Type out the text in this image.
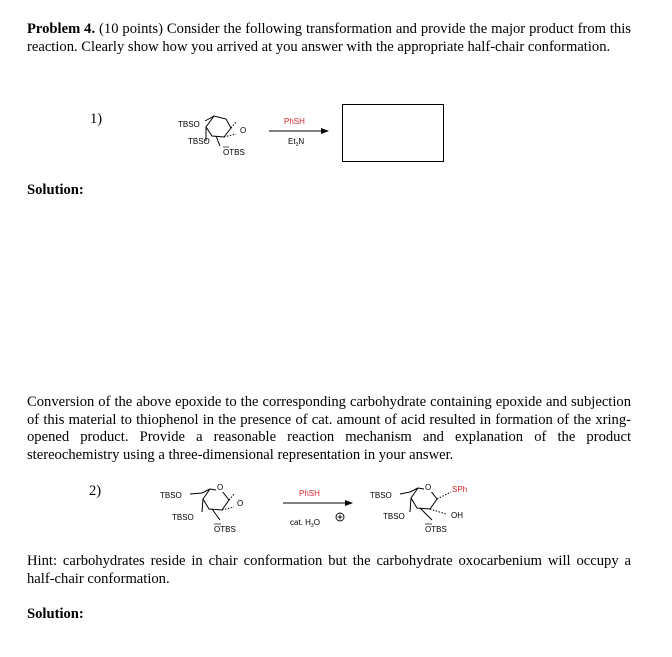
Problem 4. (10 points) Consider the following transformation and provide the major product from this reaction. Clearly show how you arrived at you answer with the appropriate half-chair conformation.

1)
Solution:

Conversion of the above epoxide to the corresponding carbohydrate containing epoxide and subjection of this material to thiophenol in the presence of cat. amount of acid resulted in formation of the xring-opened product. Provide a reasonable reaction mechanism and explanation of the product stereochemistry using a three-dimensional representation in your answer.

2)

Hint: carbohydrates reside in chair conformation but the carbohydrate oxocarbenium will occupy a half-chair conformation.

Solution:
TBSO
TBSO
OTBS
O
PhSH
$Et_3N$
O
TBSO
TBSO
OTBS
O
PhSH
cat. $H_3O$
O	SPh
TBSO
TBSO	OH
OTBS
